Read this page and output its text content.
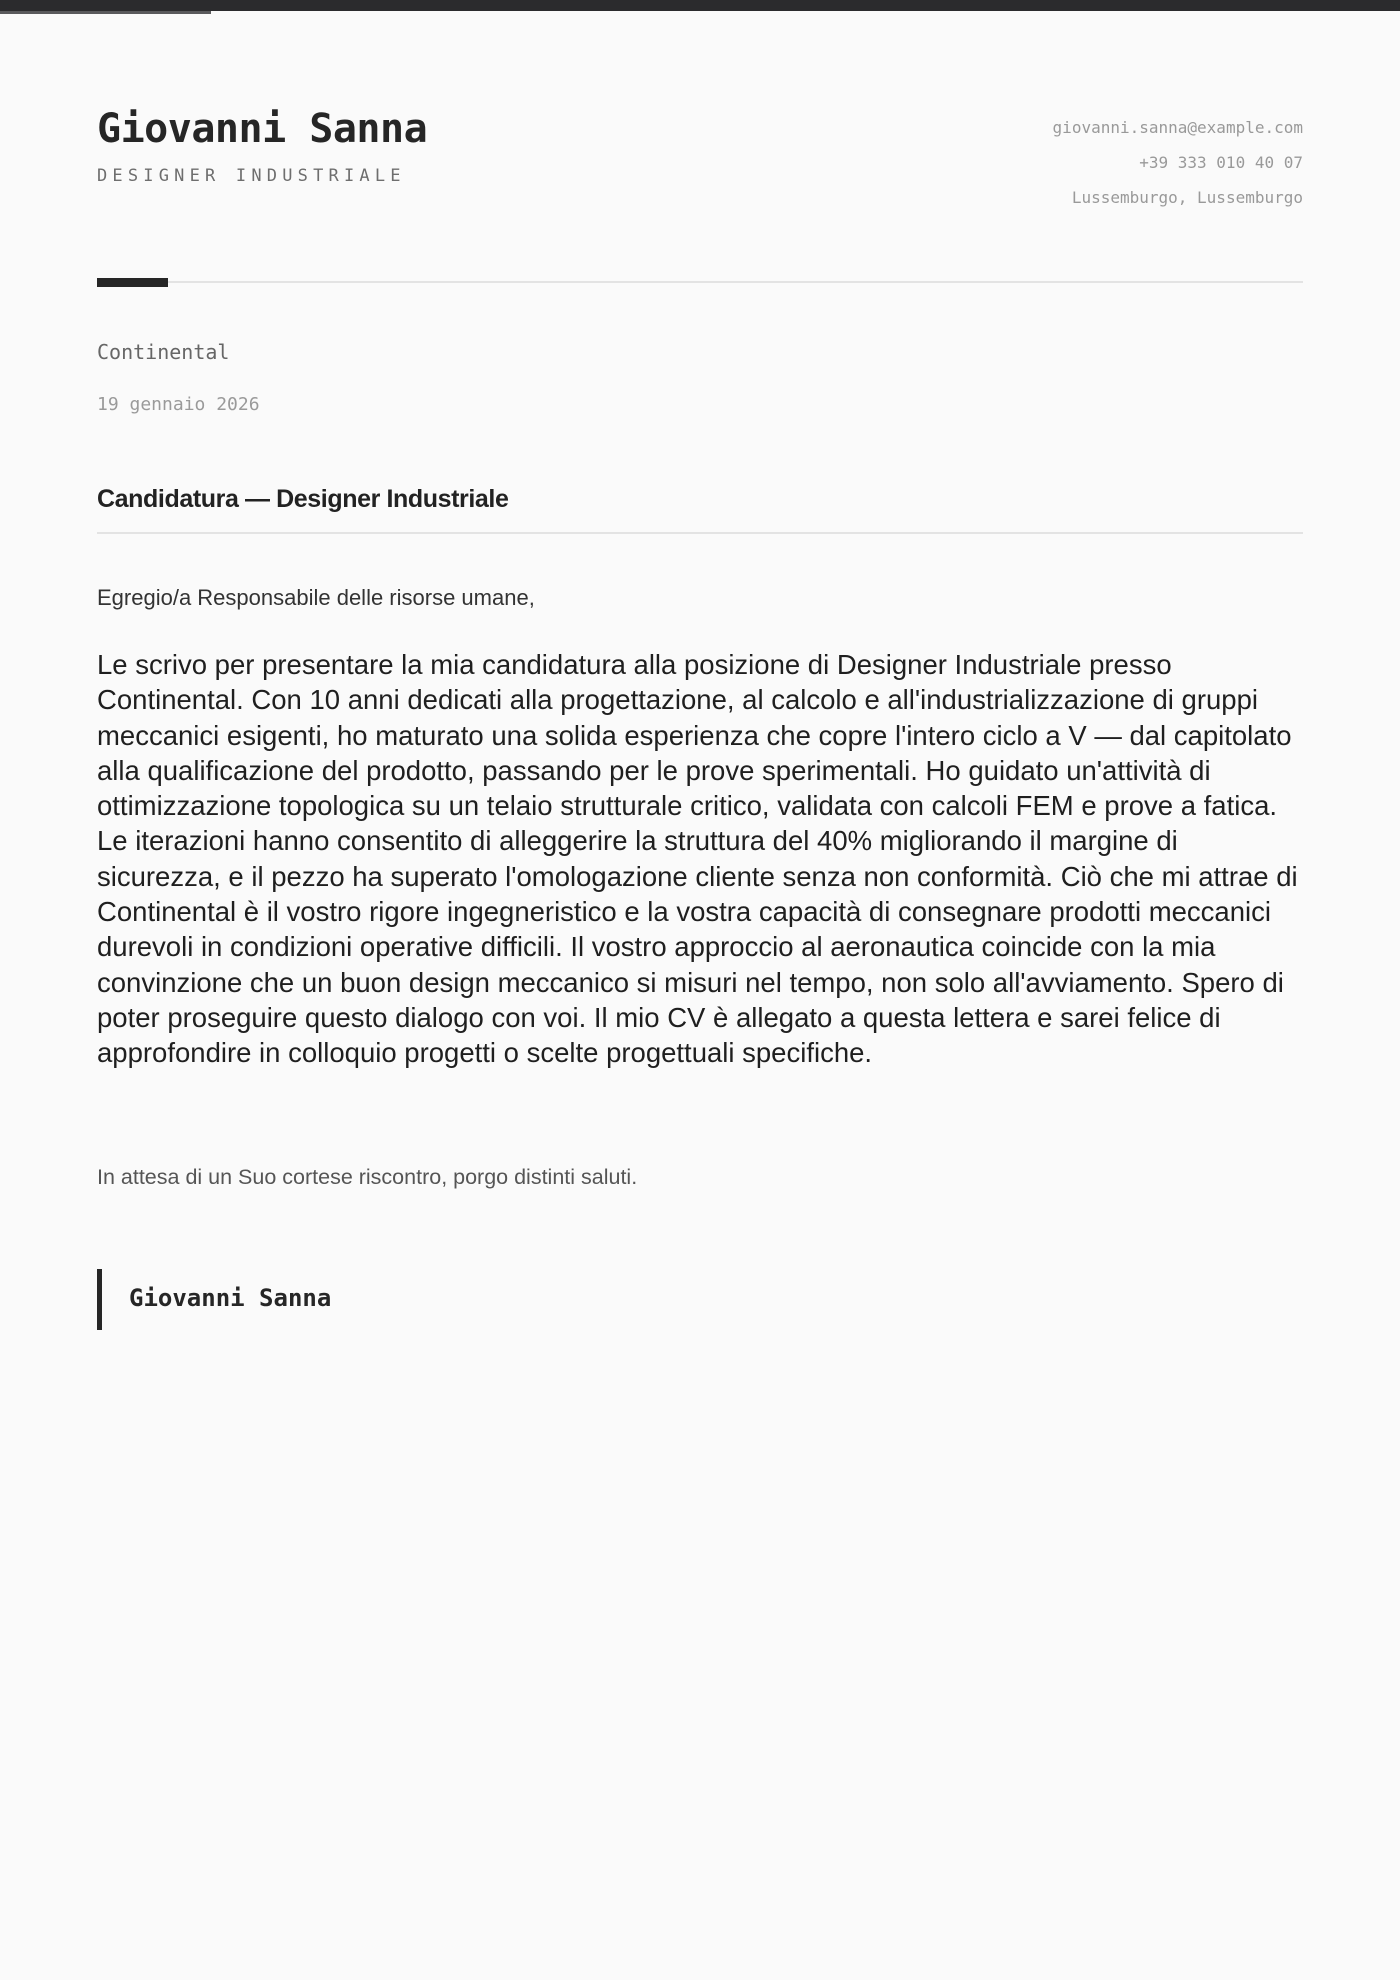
Giovanni Sanna
DESIGNER INDUSTRIALE
giovanni.sanna@example.com
+39 333 010 40 07
Lussemburgo, Lussemburgo
Continental
19 gennaio 2026
Candidatura — Designer Industriale
Egregio/a Responsabile delle risorse umane,

Le scrivo per presentare la mia candidatura alla posizione di Designer Industriale presso Continental. Con 10 anni dedicati alla progettazione, al calcolo e all'industrializzazione di gruppi meccanici esigenti, ho maturato una solida esperienza che copre l'intero ciclo a V — dal capitolato alla qualificazione del prodotto, passando per le prove sperimentali. Ho guidato un'attività di ottimizzazione topologica su un telaio strutturale critico, validata con calcoli FEM e prove a fatica. Le iterazioni hanno consentito di alleggerire la struttura del 40% migliorando il margine di sicurezza, e il pezzo ha superato l'omologazione cliente senza non conformità. Ciò che mi attrae di Continental è il vostro rigore ingegneristico e la vostra capacità di consegnare prodotti meccanici durevoli in condizioni operative difficili. Il vostro approccio al aeronautica coincide con la mia convinzione che un buon design meccanico si misuri nel tempo, non solo all'avviamento. Spero di poter proseguire questo dialogo con voi. Il mio CV è allegato a questa lettera e sarei felice di approfondire in colloquio progetti o scelte progettuali specifiche.

In attesa di un Suo cortese riscontro, porgo distinti saluti.
Giovanni Sanna
